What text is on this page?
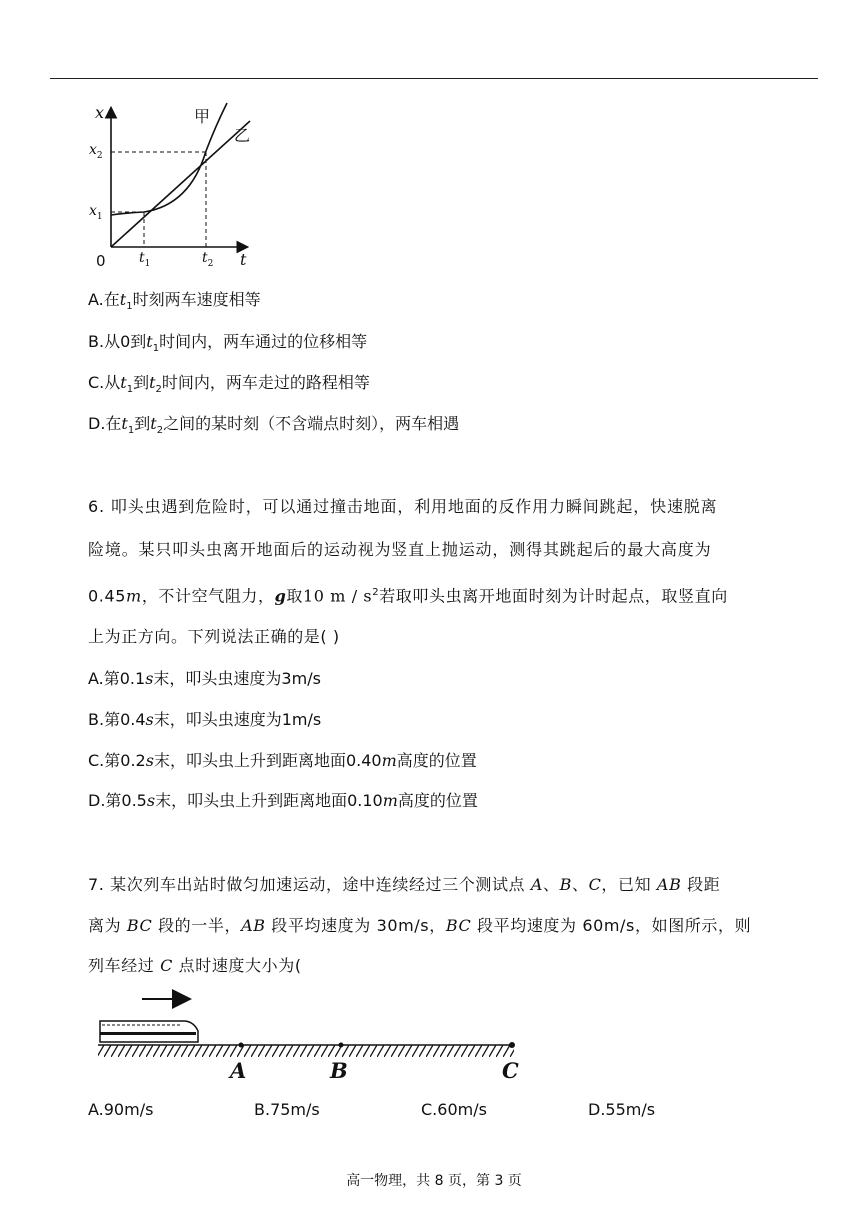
x
t
0
甲
乙
$x_2$
$x_1$
$t_1$	$t_2$
A.在$t_1$时刻两车速度相等
B.从0到$t_1$时间内，两车通过的位移相等
C.从$t_1$到$t_2$时间内，两车走过的路程相等
D.在$t_1$到$t_2$之间的某时刻（不含端点时刻），两车相遇
6. 叩头虫遇到危险时，可以通过撞击地面，利用地面的反作用力瞬间跳起，快速脱离
险境。某只叩头虫离开地面后的运动视为竖直上抛运动，测得其跳起后的最大高度为
0.45m，不计空气阻力，g取10 m / $s^2$若取叩头虫离开地面时刻为计时起点，取竖直向
上为正方向。下列说法正确的是( )
A.第0.1s末，叩头虫速度为3m/s
B.第0.4s末，叩头虫速度为1m/s
C.第0.2s末，叩头虫上升到距离地面0.40m高度的位置
D.第0.5s末，叩头虫上升到距离地面0.10m高度的位置
7. 某次列车出站时做匀加速运动，途中连续经过三个测试点 A、B、C，已知 AB 段距
离为 BC 段的一半，AB 段平均速度为 30m/s，BC 段平均速度为 60m/s，如图所示，则
列车经过 C 点时速度大小为(
A	B	C
A.90m/s	B.75m/s	C.60m/s	D.55m/s
高一物理，共 8 页，第 3 页
